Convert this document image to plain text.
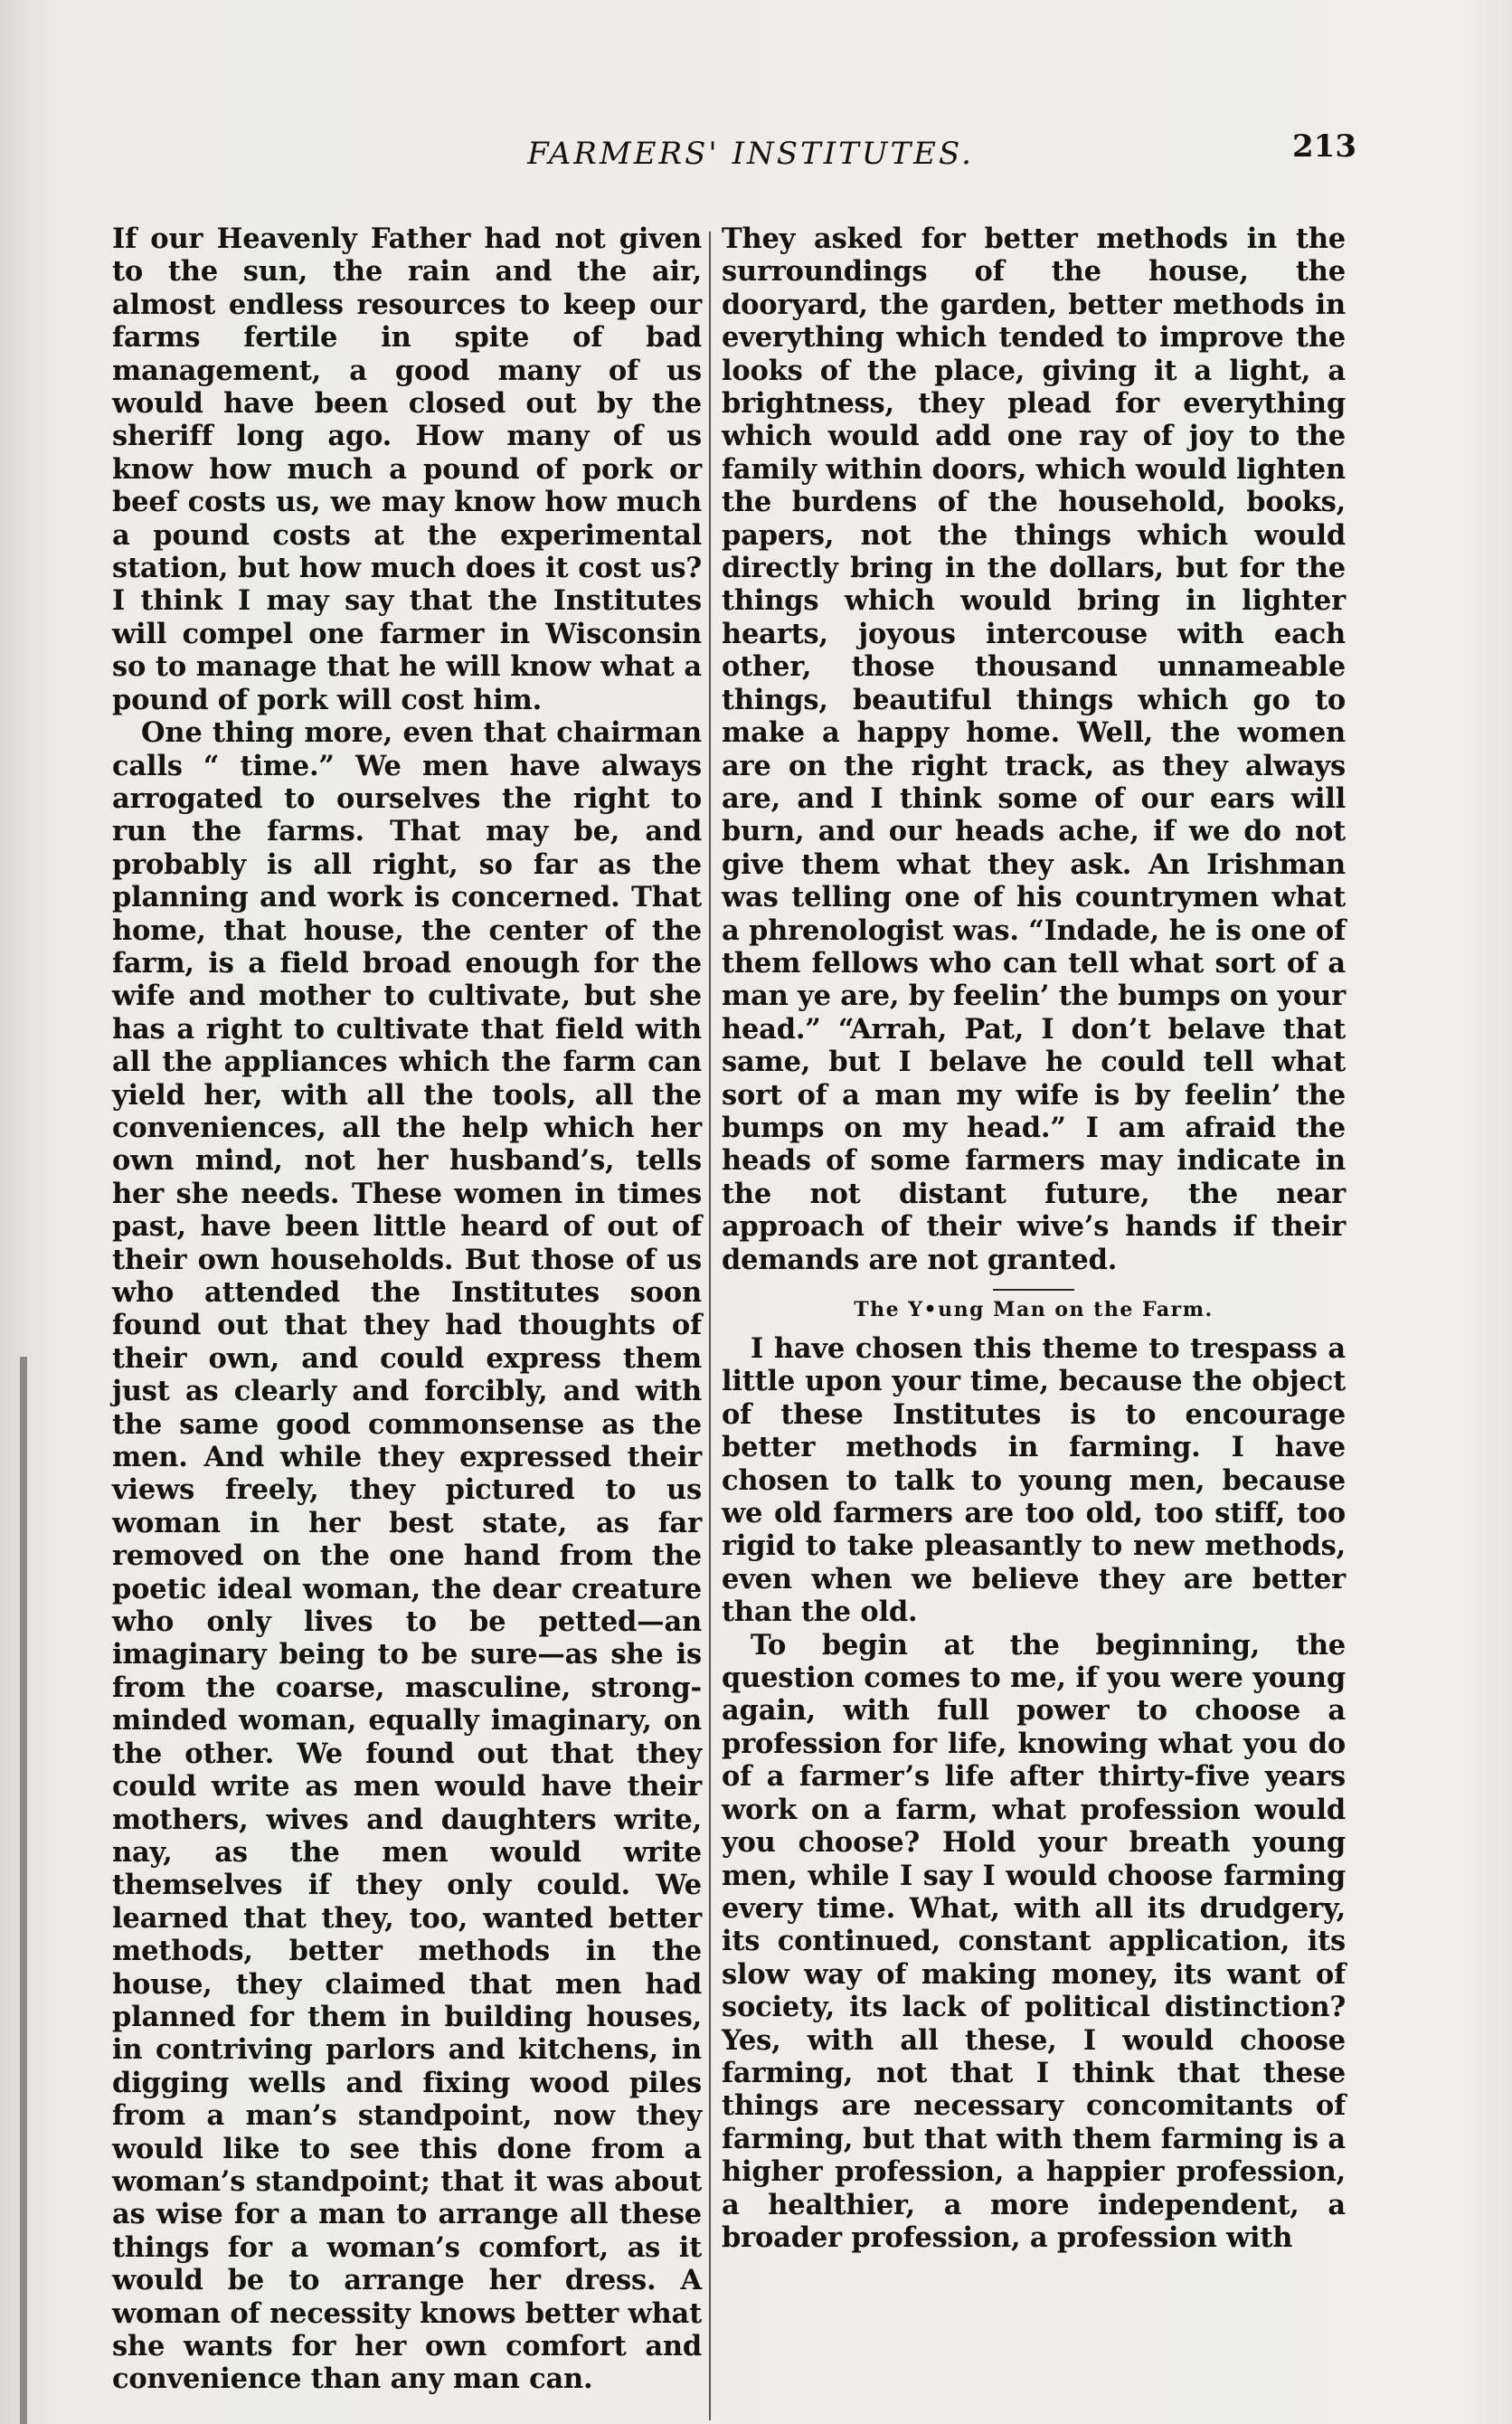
FARMERS' INSTITUTES.	213

If our Heavenly Father had not given to the sun, the rain and the air, almost endless resources to keep our farms fertile in spite of bad management, a good many of us would have been closed out by the sheriff long ago. How many of us know how much a pound of pork or beef costs us, we may know how much a pound costs at the experimental station, but how much does it cost us? I think I may say that the Institutes will compel one farmer in Wisconsin so to manage that he will know what a pound of pork will cost him.

One thing more, even that chairman calls “ time.” We men have always arrogated to ourselves the right to run the farms. That may be, and probably is all right, so far as the planning and work is concerned. That home, that house, the center of the farm, is a field broad enough for the wife and mother to cultivate, but she has a right to cultivate that field with all the appliances which the farm can yield her, with all the tools, all the conveniences, all the help which her own mind, not her husband’s, tells her she needs. These women in times past, have been little heard of out of their own households. But those of us who attended the Institutes soon found out that they had thoughts of their own, and could express them just as clearly and forcibly, and with the same good commonsense as the men. And while they expressed their views freely, they pictured to us woman in her best state, as far removed on the one hand from the poetic ideal woman, the dear creature who only lives to be petted—an imaginary being to be sure—as she is from the coarse, masculine, strong-minded woman, equally imaginary, on the other. We found out that they could write as men would have their mothers, wives and daughters write, nay, as the men would write themselves if they only could. We learned that they, too, wanted better methods, better methods in the house, they claimed that men had planned for them in building houses, in contriving parlors and kitchens, in digging wells and fixing wood piles from a man’s standpoint, now they would like to see this done from a woman’s standpoint; that it was about as wise for a man to arrange all these things for a woman’s comfort, as it would be to arrange her dress. A woman of necessity knows better what she wants for her own comfort and convenience than any man can.

They asked for better methods in the surroundings of the house, the dooryard, the garden, better methods in everything which tended to improve the looks of the place, giving it a light, a brightness, they plead for everything which would add one ray of joy to the family within doors, which would lighten the burdens of the household, books, papers, not the things which would directly bring in the dollars, but for the things which would bring in lighter hearts, joyous intercouse with each other, those thousand unnameable things, beautiful things which go to make a happy home. Well, the women are on the right track, as they always are, and I think some of our ears will burn, and our heads ache, if we do not give them what they ask. An Irishman was telling one of his countrymen what a phrenologist was. “Indade, he is one of them fellows who can tell what sort of a man ye are, by feelin’ the bumps on your head.” “Arrah, Pat, I don’t belave that same, but I belave he could tell what sort of a man my wife is by feelin’ the bumps on my head.” I am afraid the heads of some farmers may indicate in the not distant future, the near approach of their wive’s hands if their demands are not granted.

The Y•ung Man on the Farm.

I have chosen this theme to trespass a little upon your time, because the object of these Institutes is to encourage better methods in farming. I have chosen to talk to young men, because we old farmers are too old, too stiff, too rigid to take pleasantly to new methods, even when we believe they are better than the old.

To begin at the beginning, the question comes to me, if you were young again, with full power to choose a profession for life, knowing what you do of a farmer’s life after thirty-five years work on a farm, what profession would you choose? Hold your breath young men, while I say I would choose farming every time. What, with all its drudgery, its continued, constant application, its slow way of making money, its want of society, its lack of political distinction? Yes, with all these, I would choose farming, not that I think that these things are necessary concomitants of farming, but that with them farming is a higher profession, a happier profession, a healthier, a more independent, a broader profession, a profession with
